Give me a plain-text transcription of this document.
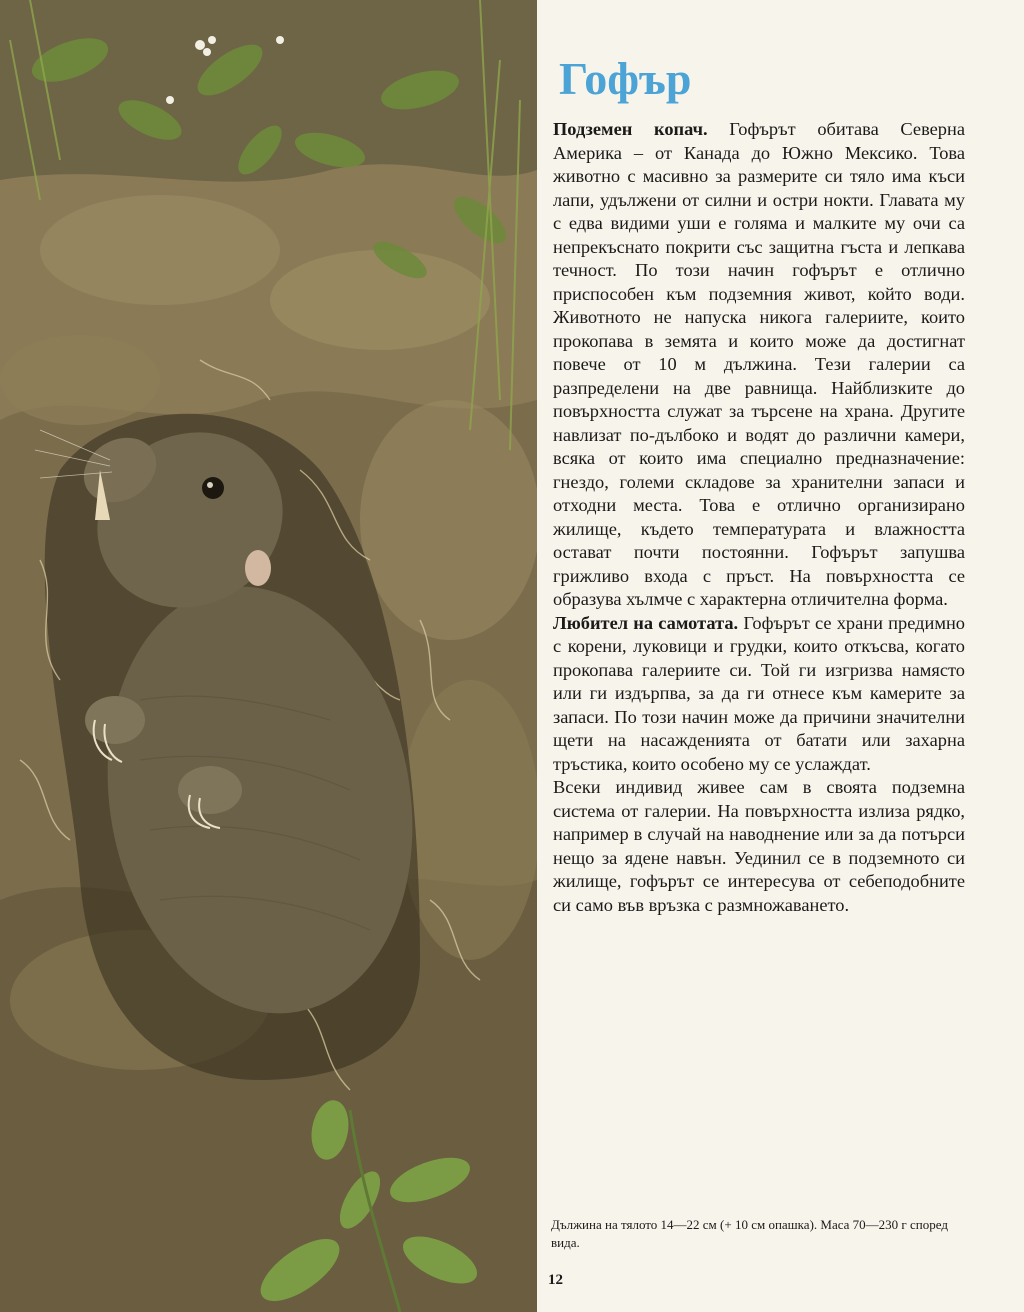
Гофър

Подземен копач. Гофърът обитава Северна Америка – от Канада до Южно Мексико. Това животно с масивно за размерите си тяло има къси лапи, удължени от силни и остри нокти. Главата му с едва видими уши е голяма и малките му очи са непрекъснато покрити със защитна гъста и лепкава течност. По този начин гофърът е отлично приспособен към подземния живот, който води. Животното не напуска никога галериите, които прокопава в земята и които може да достигнат повече от 10 м дължина. Тези галерии са разпределени на две равнища. Найблизките до повърхността служат за търсене на храна. Другите навлизат по-дълбоко и водят до различни камери, всяка от които има специално предназначение: гнездо, големи складове за хранителни запаси и отходни места. Това е отлично организирано жилище, където температурата и влажността остават почти постоянни. Гофърът запушва грижливо входа с пръст. На повърхността се образува хълмче с характерна отличителна форма.

Любител на самотата. Гофърът се храни предимно с корени, луковици и грудки, които откъсва, когато прокопава галериите си. Той ги изгризва намясто или ги издърпва, за да ги отнесе към камерите за запаси. По този начин може да причини значителни щети на насажденията от батати или захарна тръстика, които особено му се услаждат.

Всеки индивид живее сам в своята подземна система от галерии. На повърхността излиза рядко, например в случай на наводнение или за да потърси нещо за ядене навън. Уединил се в подземното си жилище, гофърът се интересува от себеподобните си само във връзка с размножаването.

Дължина на тялото 14—22 см (+ 10 см опашка). Маса 70—230 г според вида.
12
